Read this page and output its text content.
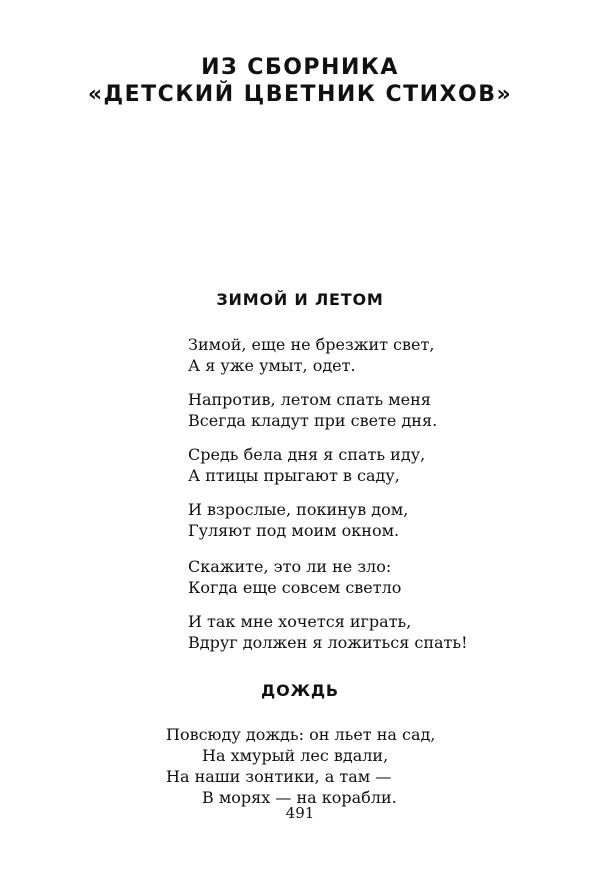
ИЗ СБОРНИКА
«ДЕТСКИЙ ЦВЕТНИК СТИХОВ»
ЗИМОЙ И ЛЕТОМ
Зимой, еще не брезжит свет,
А я уже умыт, одет.
Напротив, летом спать меня
Всегда кладут при свете дня.
Средь бела дня я спать иду,
А птицы прыгают в саду,
И взрослые, покинув дом,
Гуляют под моим окном.
Скажите, это ли не зло:
Когда еще совсем светло
И так мне хочется играть,
Вдруг должен я ложиться спать!
ДОЖДЬ
Повсюду дождь: он льет на сад,
На хмурый лес вдали,
На наши зонтики, а там —
В морях — на корабли.
491
